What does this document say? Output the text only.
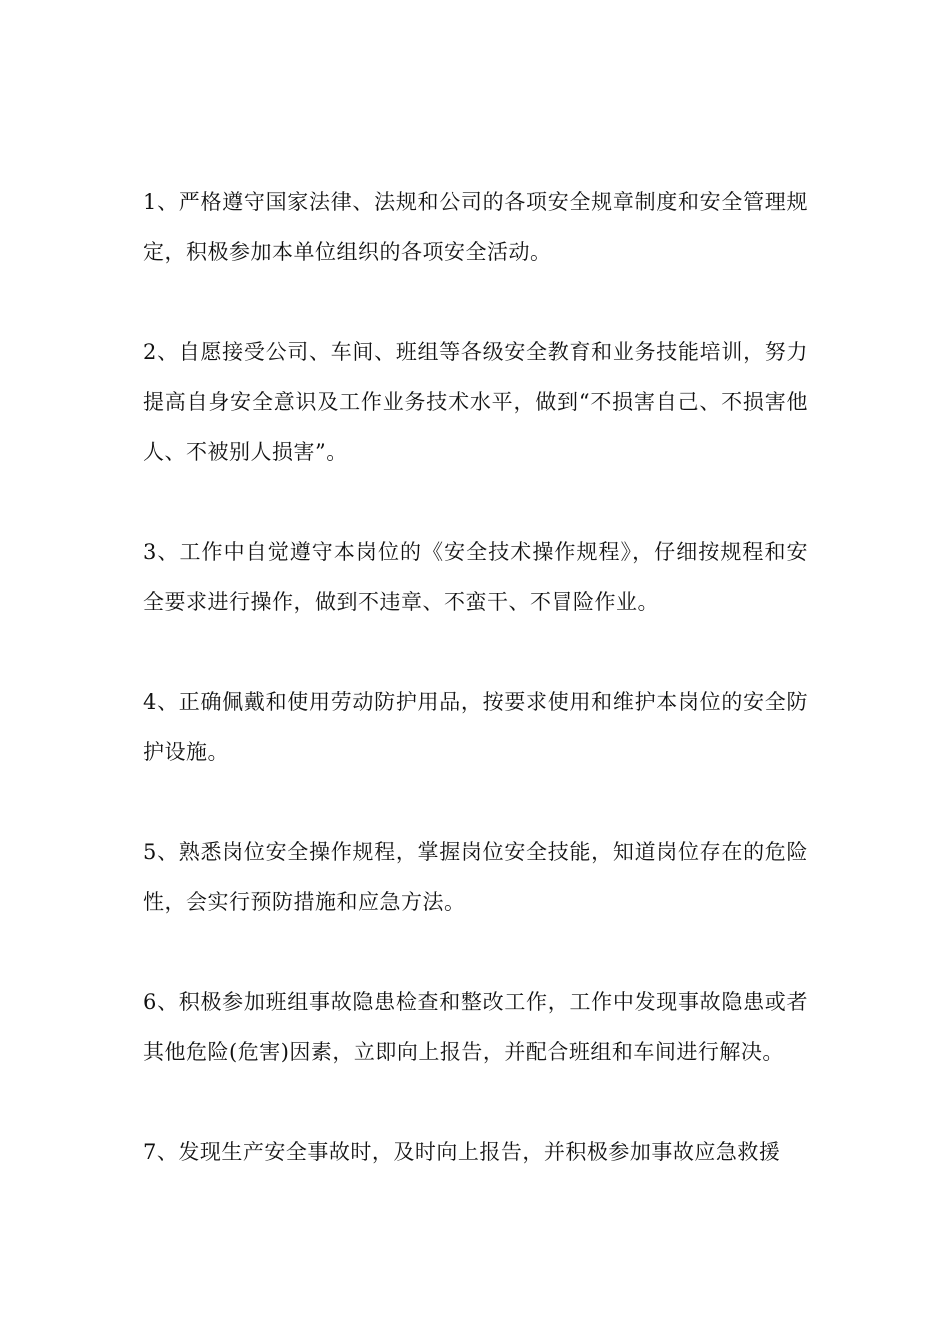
1、严格遵守国家法律、法规和公司的各项安全规章制度和安全管理规定，积极参加本单位组织的各项安全活动。

2、自愿接受公司、车间、班组等各级安全教育和业务技能培训，努力提高自身安全意识及工作业务技术水平，做到“不损害自己、不损害他人、不被别人损害”。

3、工作中自觉遵守本岗位的《安全技术操作规程》，仔细按规程和安全要求进行操作，做到不违章、不蛮干、不冒险作业。

4、正确佩戴和使用劳动防护用品，按要求使用和维护本岗位的安全防护设施。

5、熟悉岗位安全操作规程，掌握岗位安全技能，知道岗位存在的危险性，会实行预防措施和应急方法。

6、积极参加班组事故隐患检查和整改工作，工作中发现事故隐患或者其他危险(危害)因素，立即向上报告，并配合班组和车间进行解决。

7、发现生产安全事故时，及时向上报告，并积极参加事故应急救援
